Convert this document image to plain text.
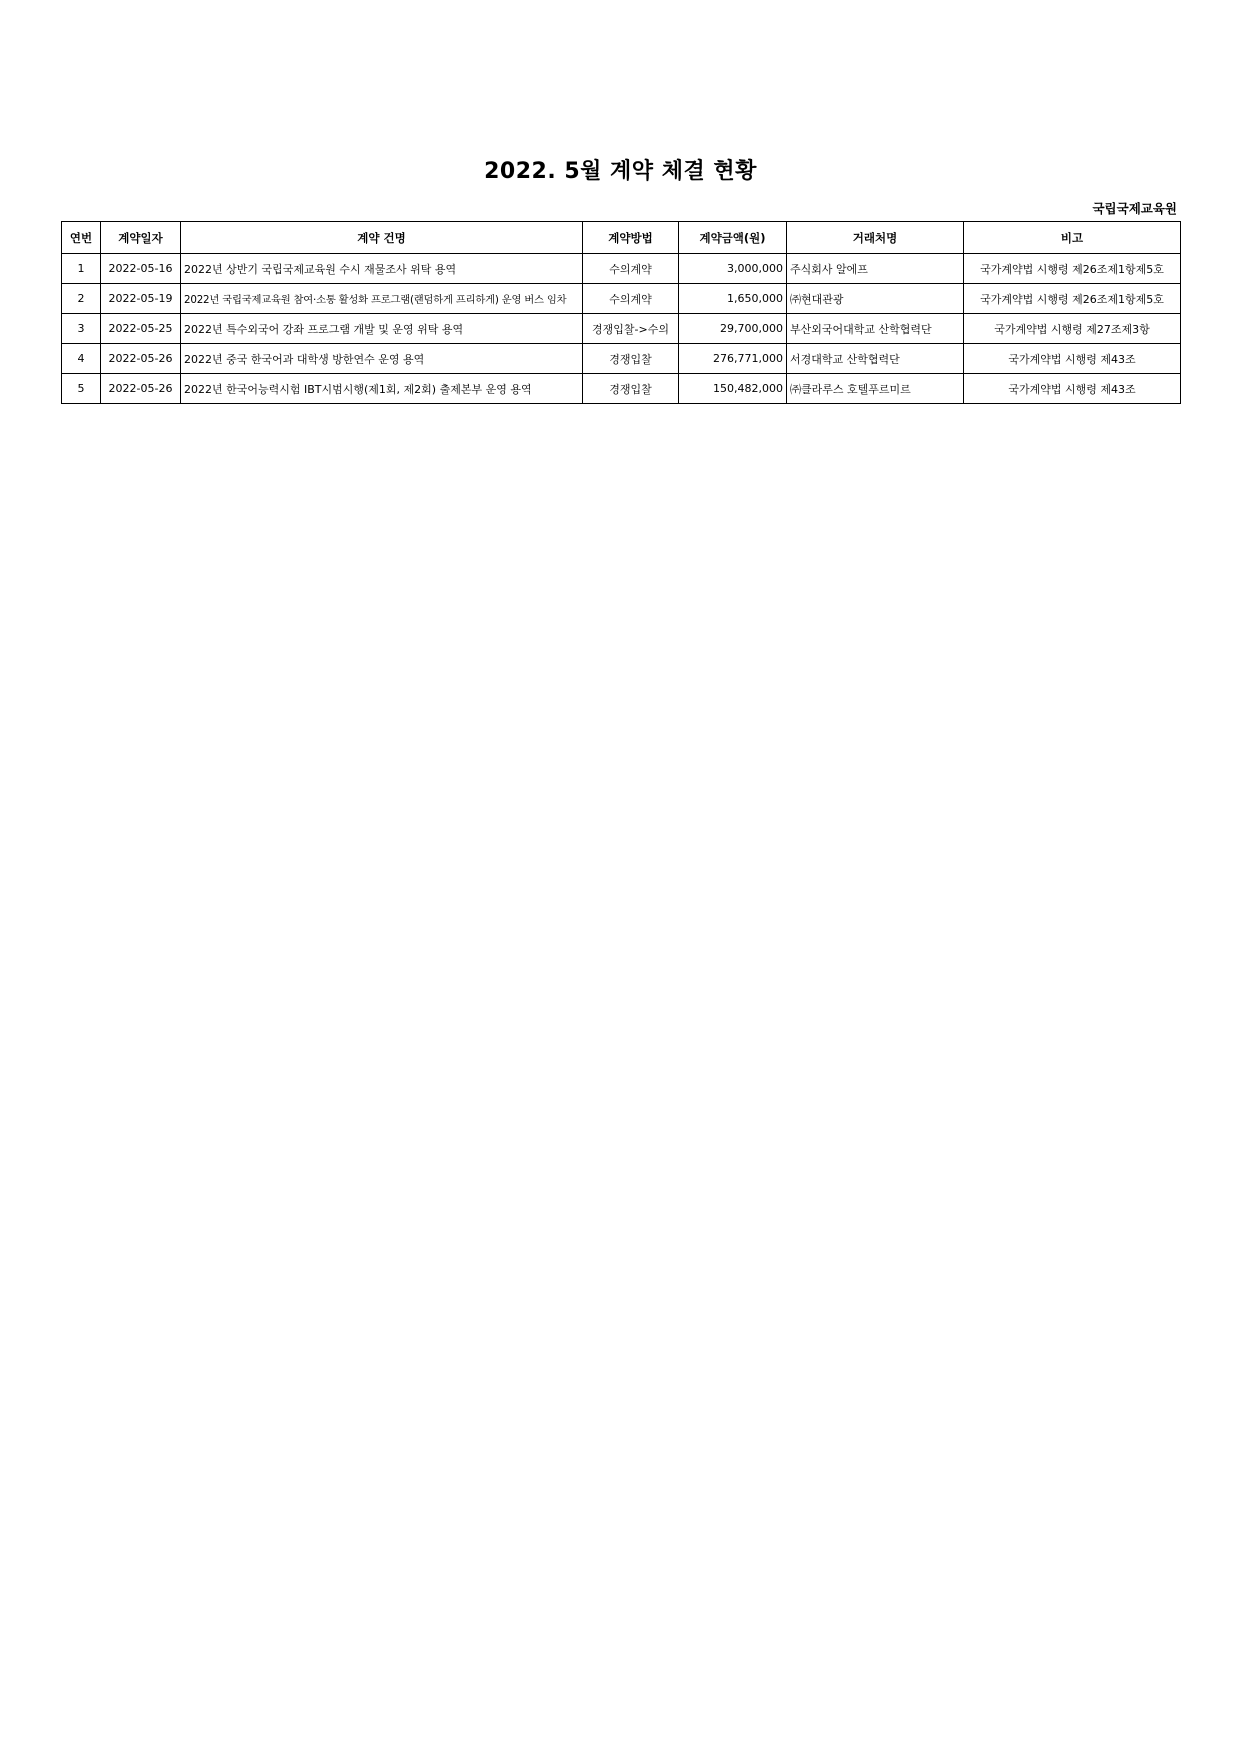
2022. 5월 계약 체결 현황
국립국제교육원
연번	계약일자	계약 건명	계약방법	계약금액(원)	거래처명	비고
1	2022-05-16	2022년 상반기 국립국제교육원 수시 재물조사 위탁 용역	수의계약	3,000,000	주식회사 알에프	국가계약법 시행령 제26조제1항제5호
2	2022-05-19	2022년 국립국제교육원 참여·소통 활성화 프로그램(랜덤하게 프리하게) 운영 버스 임차	수의계약	1,650,000	㈜현대관광	국가계약법 시행령 제26조제1항제5호
3	2022-05-25	2022년 특수외국어 강좌 프로그램 개발 및 운영 위탁 용역	경쟁입찰->수의	29,700,000	부산외국어대학교 산학협력단	국가계약법 시행령 제27조제3항
4	2022-05-26	2022년 중국 한국어과 대학생 방한연수 운영 용역	경쟁입찰	276,771,000	서경대학교 산학협력단	국가계약법 시행령 제43조
5	2022-05-26	2022년 한국어능력시험 IBT시범시행(제1회, 제2회) 출제본부 운영 용역	경쟁입찰	150,482,000	㈜클라루스 호텔푸르미르	국가계약법 시행령 제43조
